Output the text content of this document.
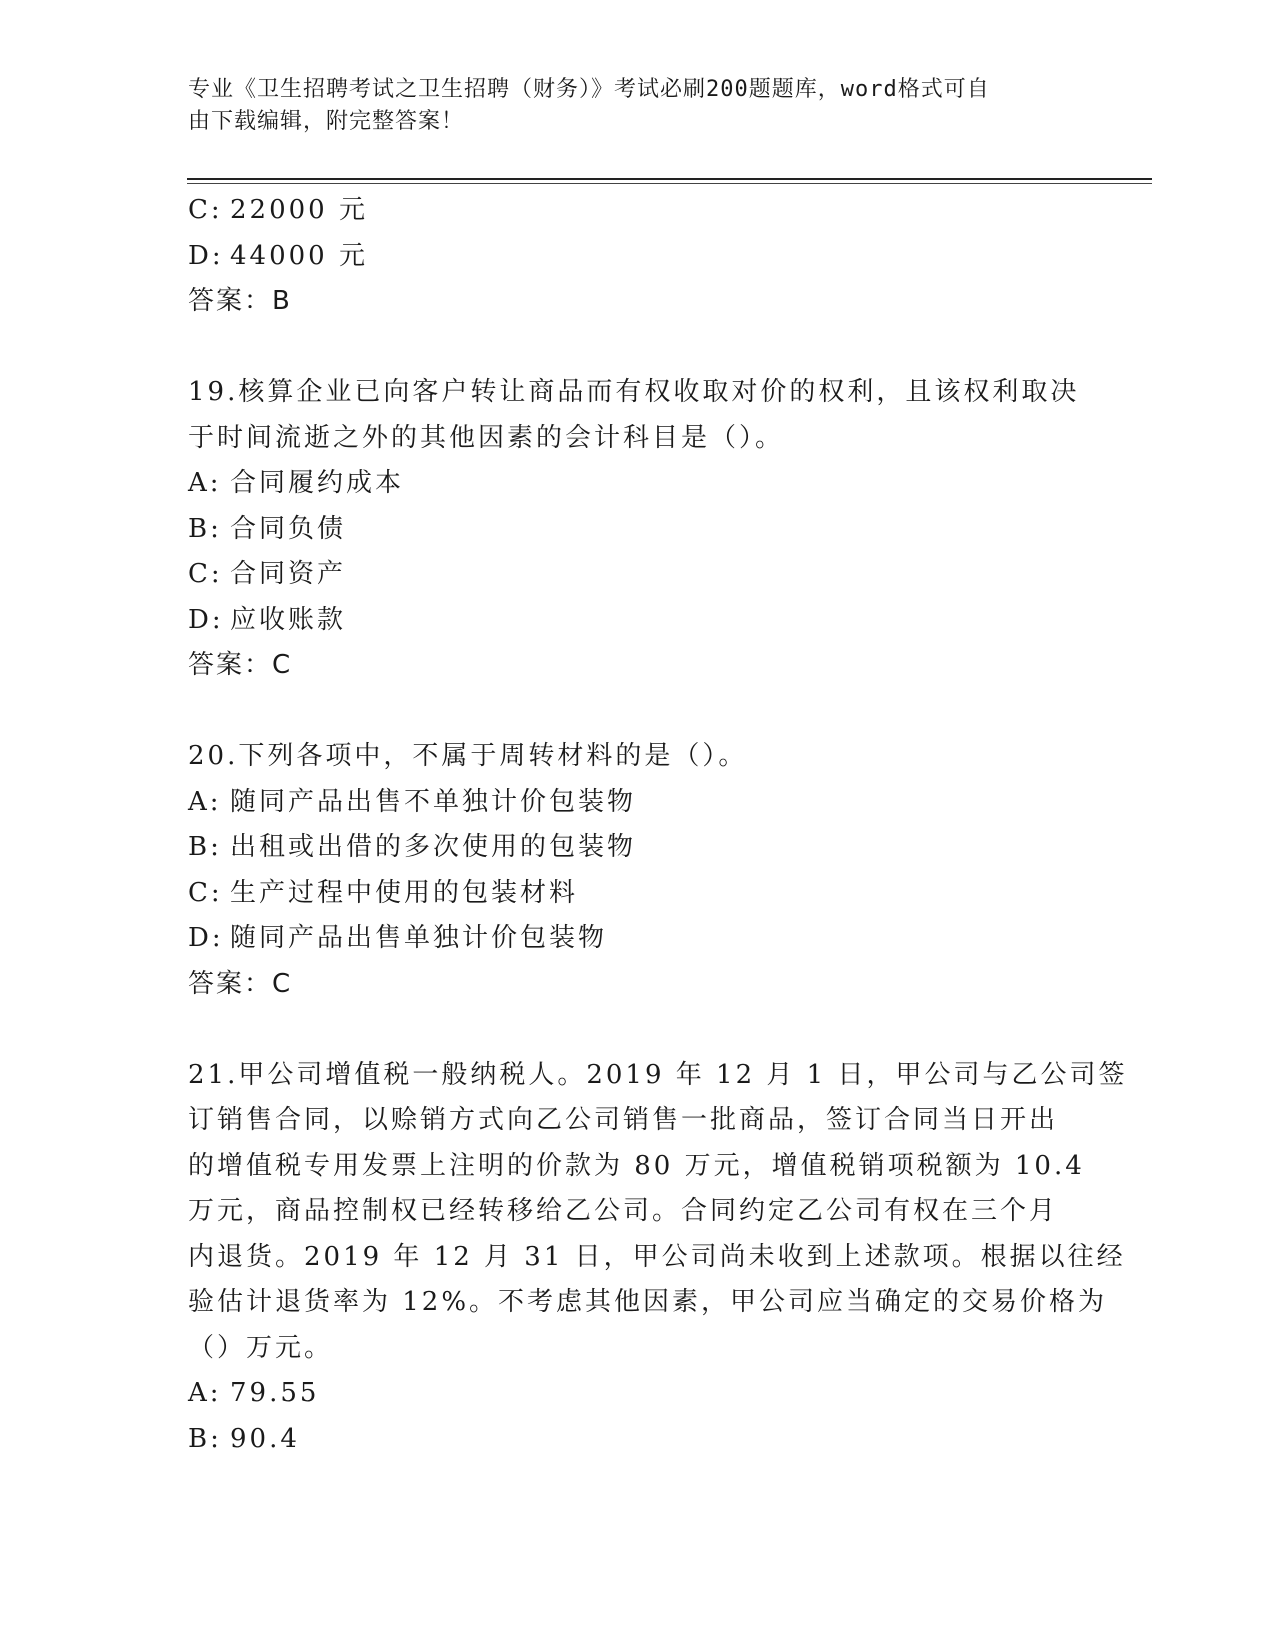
专业《卫生招聘考试之卫生招聘（财务）》考试必刷200题题库，word格式可自
由下载编辑，附完整答案！
C: 22000 元
D: 44000 元
答案：B
19.核算企业已向客户转让商品而有权收取对价的权利，且该权利取决
于时间流逝之外的其他因素的会计科目是（）。
A: 合同履约成本
B: 合同负债
C: 合同资产
D: 应收账款
答案：C
20.下列各项中，不属于周转材料的是（）。
A: 随同产品出售不单独计价包装物
B: 出租或出借的多次使用的包装物
C: 生产过程中使用的包装材料
D: 随同产品出售单独计价包装物
答案：C
21.甲公司增值税一般纳税人。2019 年 12 月 1 日，甲公司与乙公司签
订销售合同，以赊销方式向乙公司销售一批商品，签订合同当日开出
的增值税专用发票上注明的价款为 80 万元，增值税销项税额为 10.4
万元，商品控制权已经转移给乙公司。合同约定乙公司有权在三个月
内退货。2019 年 12 月 31 日，甲公司尚未收到上述款项。根据以往经
验估计退货率为 12%。不考虑其他因素，甲公司应当确定的交易价格为
（）万元。
A: 79.55
B: 90.4
